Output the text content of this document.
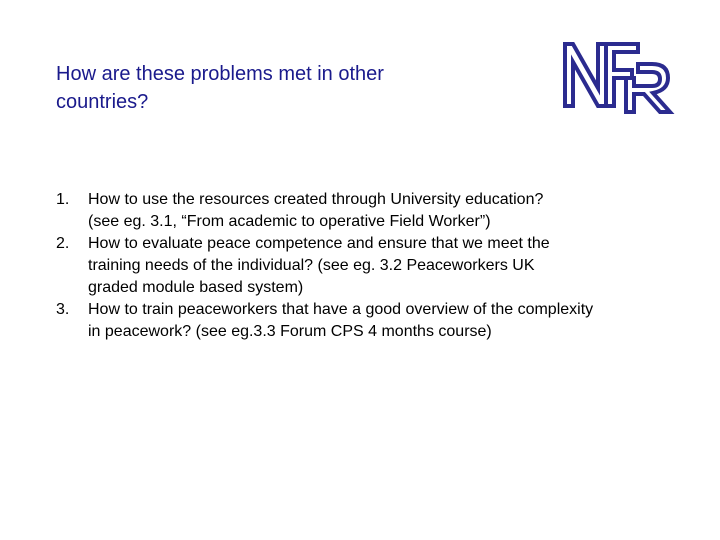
How are these problems met in other
countries?
1. How to use the resources created through University education?
(see eg. 3.1, “From academic to operative Field Worker”)
2. How to evaluate peace competence and ensure that we meet the
training needs of the individual? (see eg. 3.2 Peaceworkers UK
graded module based system)
3. How to train peaceworkers that have a good overview of the complexity
in peacework? (see eg.3.3 Forum CPS 4 months course)
